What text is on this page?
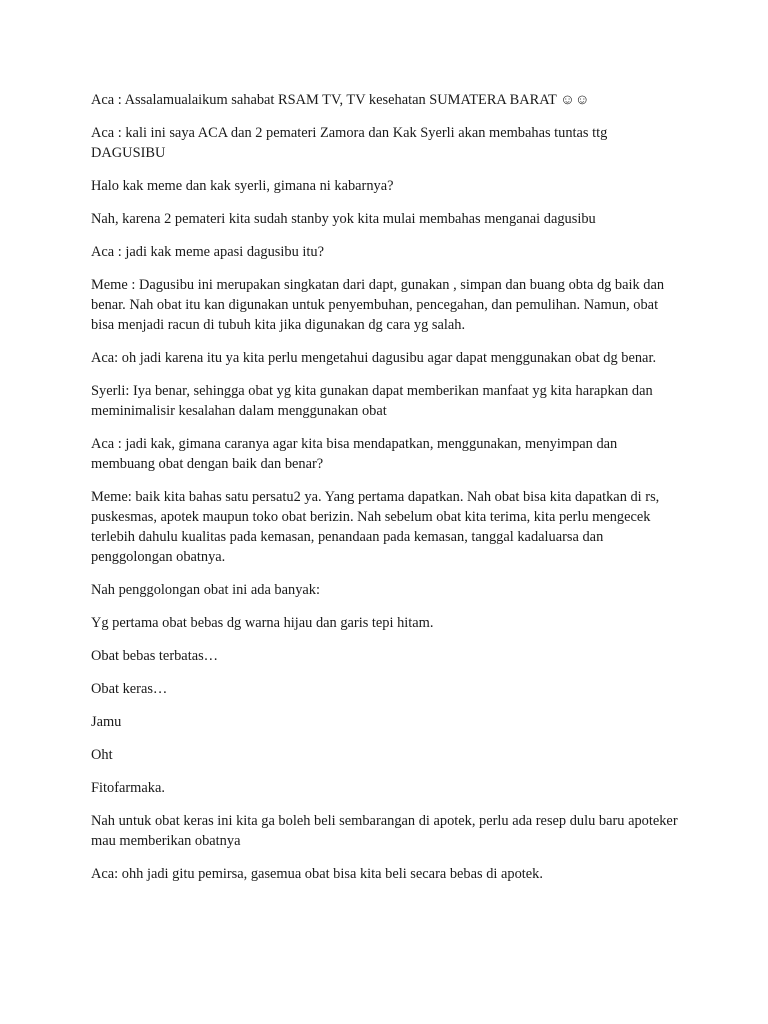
Aca : Assalamualaikum sahabat RSAM TV, TV kesehatan SUMATERA BARAT ☺☺

Aca : kali ini saya ACA dan 2 pemateri Zamora dan Kak Syerli akan membahas tuntas ttg DAGUSIBU

Halo kak meme dan kak syerli, gimana ni kabarnya?

Nah, karena 2 pemateri kita sudah stanby yok kita mulai membahas menganai dagusibu

Aca : jadi kak meme apasi dagusibu itu?

Meme : Dagusibu ini merupakan singkatan dari dapt, gunakan , simpan dan buang obta dg baik dan benar. Nah obat itu kan digunakan untuk penyembuhan, pencegahan, dan pemulihan. Namun, obat bisa menjadi racun di tubuh kita jika digunakan dg cara yg salah.

Aca: oh jadi karena itu ya kita perlu mengetahui dagusibu agar dapat menggunakan obat dg benar.

Syerli: Iya benar, sehingga obat yg kita gunakan dapat memberikan manfaat yg kita harapkan dan meminimalisir kesalahan dalam menggunakan obat

Aca : jadi kak, gimana caranya agar kita bisa mendapatkan, menggunakan, menyimpan dan membuang obat dengan baik dan benar?

Meme: baik kita bahas satu persatu2 ya. Yang pertama dapatkan. Nah obat bisa kita dapatkan di rs, puskesmas, apotek maupun toko obat berizin. Nah sebelum obat kita terima, kita perlu mengecek terlebih dahulu kualitas pada kemasan, penandaan pada kemasan, tanggal kadaluarsa dan penggolongan obatnya.

Nah penggolongan obat ini ada banyak:

Yg pertama obat bebas dg warna hijau dan garis tepi hitam.

Obat bebas terbatas…

Obat keras…

Jamu

Oht

Fitofarmaka.

Nah untuk obat keras ini kita ga boleh beli sembarangan di apotek, perlu ada resep dulu baru apoteker mau memberikan obatnya

Aca: ohh jadi gitu pemirsa, gasemua obat bisa kita beli secara bebas di apotek.
